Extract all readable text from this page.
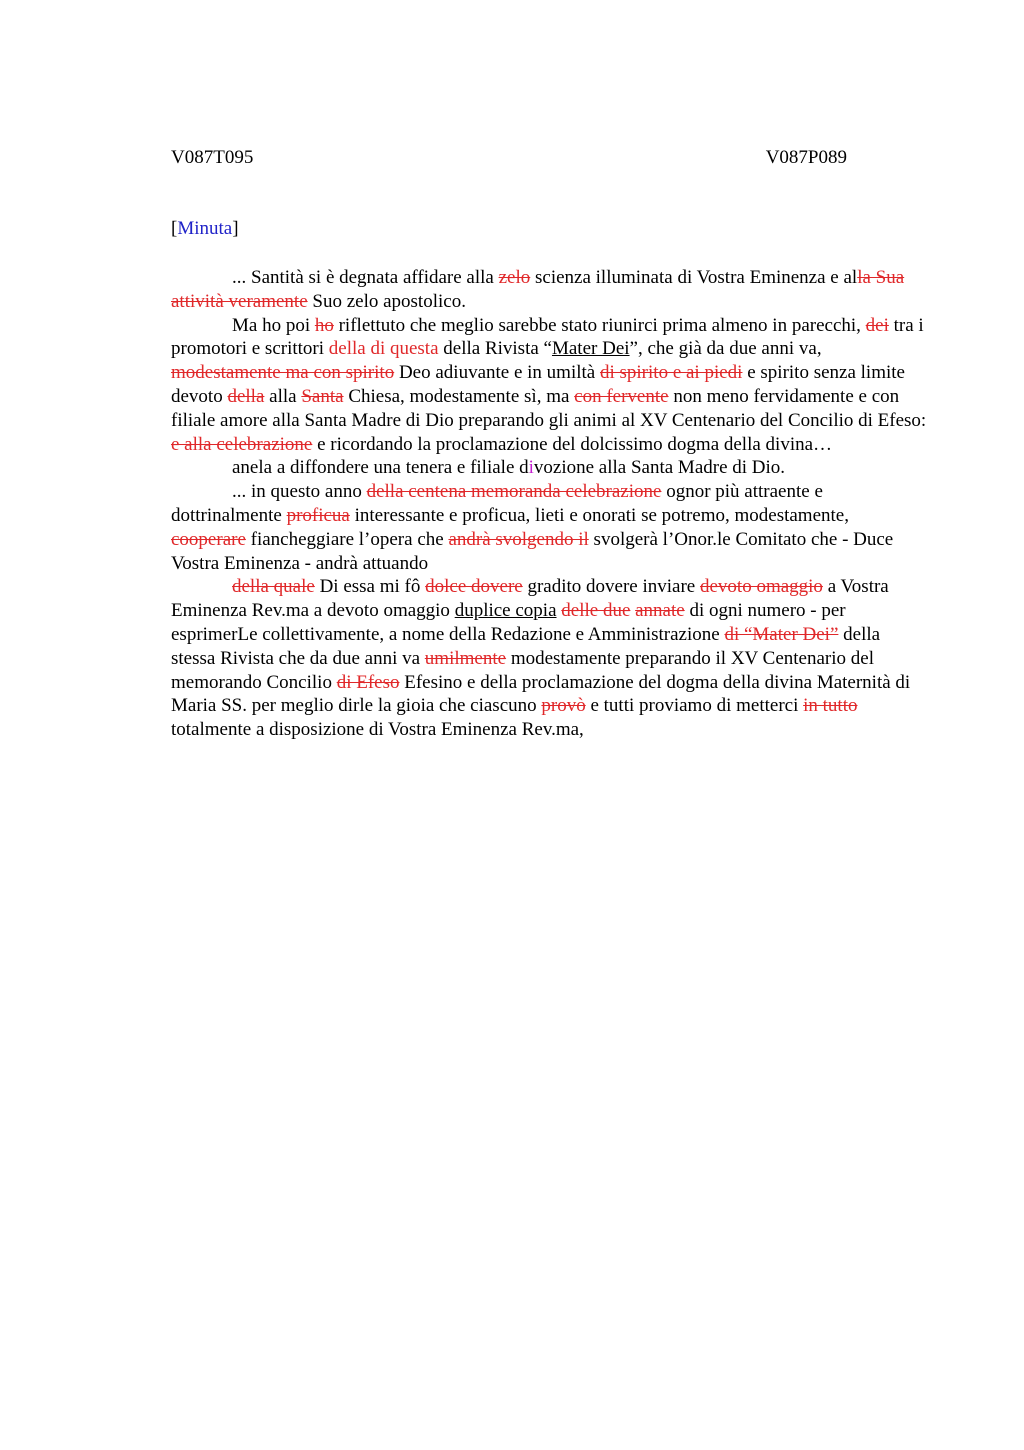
V087T095	V087P089
[Minuta]

... Santità si è degnata affidare alla zelo scienza illuminata di Vostra Eminenza e alla Sua attività veramente Suo zelo apostolico.

Ma ho poi ho riflettuto che meglio sarebbe stato riunirci prima almeno in parecchi, dei tra i promotori e scrittori della di questa della Rivista “Mater Dei”, che già da due anni va, modestamente ma con spirito Deo adiuvante e in umiltà di spirito e ai piedi e spirito senza limite devoto della alla Santa Chiesa, modestamente sì, ma con fervente non meno fervidamente e con filiale amore alla Santa Madre di Dio preparando gli animi al XV Centenario del Concilio di Efeso: e alla celebrazione e ricordando la proclamazione del dolcissimo dogma della divina…

anela a diffondere una tenera e filiale divozione alla Santa Madre di Dio.

... in questo anno della centena memoranda celebrazione ognor più attraente e dottrinalmente proficua interessante e proficua, lieti e onorati se potremo, modestamente, cooperare fiancheggiare l’opera che andrà svolgendo il svolgerà l’Onor.le Comitato che - Duce Vostra Eminenza - andrà attuando

della quale Di essa mi fô dolce dovere gradito dovere inviare devoto omaggio a Vostra Eminenza Rev.ma a devoto omaggio duplice copia delle due annate di ogni numero - per esprimerLe collettivamente, a nome della Redazione e Amministrazione di “Mater Dei” della stessa Rivista che da due anni va umilmente modestamente preparando il XV Centenario del memorando Concilio di Efeso Efesino e della proclamazione del dogma della divina Maternità di Maria SS. per meglio dirle la gioia che ciascuno provò e tutti proviamo di metterci in tutto totalmente a disposizione di Vostra Eminenza Rev.ma,
